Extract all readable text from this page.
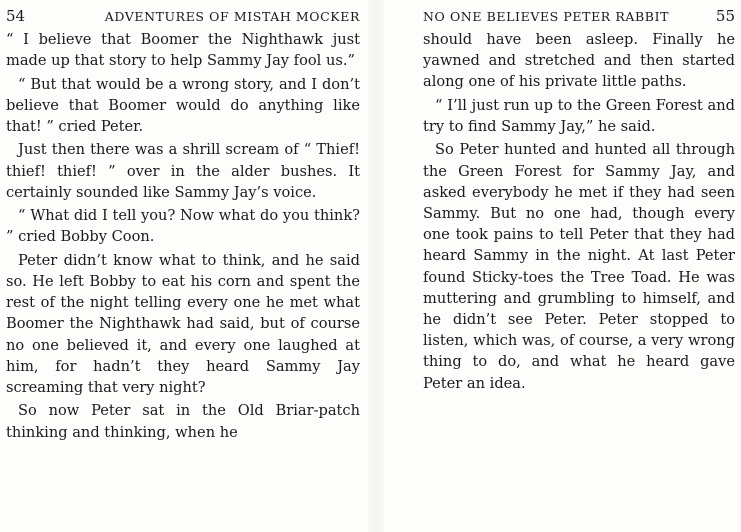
54	ADVENTURES OF MISTAH MOCKER

“ I believe that Boomer the Nighthawk just made up that story to help Sammy Jay fool us.”

“ But that would be a wrong story, and I don’t believe that Boomer would do anything like that! ” cried Peter.

Just then there was a shrill scream of “ Thief! thief! thief! ” over in the alder bushes. It certainly sounded like Sammy Jay’s voice.

“ What did I tell you? Now what do you think? ” cried Bobby Coon.

Peter didn’t know what to think, and he said so. He left Bobby to eat his corn and spent the rest of the night telling every one he met what Boomer the Nighthawk had said, but of course no one believed it, and every one laughed at him, for hadn’t they heard Sammy Jay screaming that very night?

So now Peter sat in the Old Briar-patch thinking and thinking, when he

NO ONE BELIEVES PETER RABBIT	55

should have been asleep. Finally he yawned and stretched and then started along one of his private little paths.

“ I’ll just run up to the Green Forest and try to find Sammy Jay,” he said.

So Peter hunted and hunted all through the Green Forest for Sammy Jay, and asked everybody he met if they had seen Sammy. But no one had, though every one took pains to tell Peter that they had heard Sammy in the night. At last Peter found Sticky-toes the Tree Toad. He was muttering and grumbling to himself, and he didn’t see Peter. Peter stopped to listen, which was, of course, a very wrong thing to do, and what he heard gave Peter an idea.
